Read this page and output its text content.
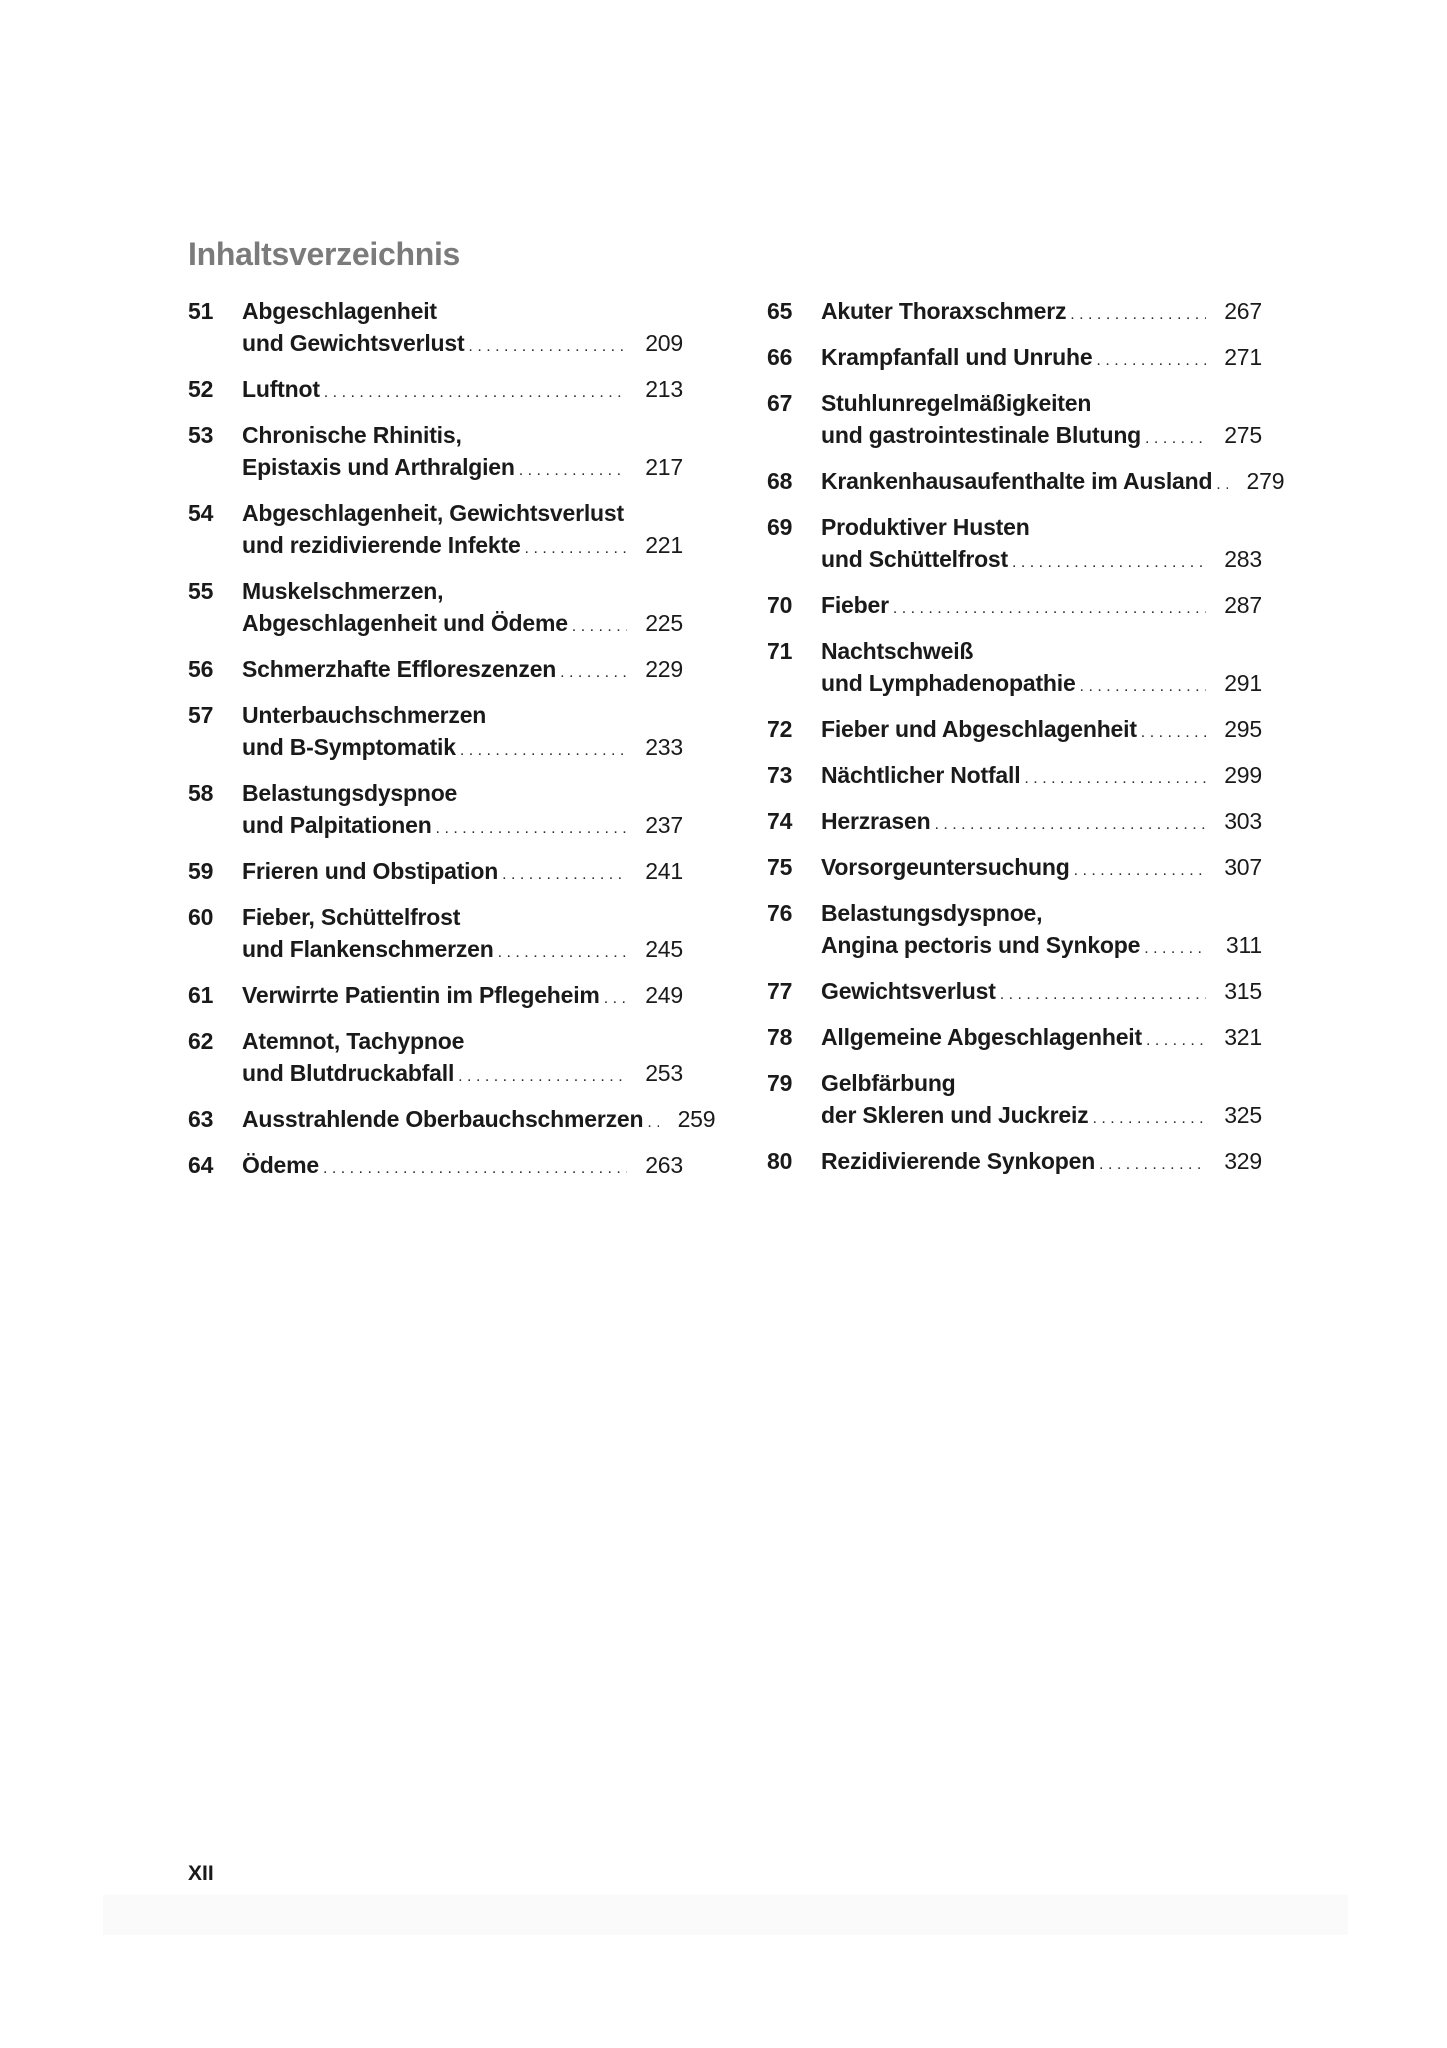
Inhaltsverzeichnis
51	Abgeschlagenheit
und Gewichtsverlust . . .	209
52	Luftnot . . .	213
53	Chronische Rhinitis,
Epistaxis und Arthralgien . . .	217
54	Abgeschlagenheit, Gewichtsverlust
und rezidivierende Infekte . . .	221
55	Muskelschmerzen,
Abgeschlagenheit und Ödeme . . .	225
56	Schmerzhafte Effloreszenzen . . .	229
57	Unterbauchschmerzen
und B-Symptomatik . . .	233
58	Belastungsdyspnoe
und Palpitationen . . .	237
59	Frieren und Obstipation . . .	241
60	Fieber, Schüttelfrost
und Flankenschmerzen . . .	245
61	Verwirrte Patientin im Pflegeheim . . .	249
62	Atemnot, Tachypnoe
und Blutdruckabfall . . .	253
63	Ausstrahlende Oberbauchschmerzen . . .	259
64	Ödeme . . .	263
65	Akuter Thoraxschmerz . . .	267
66	Krampfanfall und Unruhe . . .	271
67	Stuhlunregelmäßigkeiten
und gastrointestinale Blutung . . .	275
68	Krankenhausaufenthalte im Ausland . . .	279
69	Produktiver Husten
und Schüttelfrost . . .	283
70	Fieber . . .	287
71	Nachtschweiß
und Lymphadenopathie . . .	291
72	Fieber und Abgeschlagenheit . . .	295
73	Nächtlicher Notfall . . .	299
74	Herzrasen . . .	303
75	Vorsorgeuntersuchung . . .	307
76	Belastungsdyspnoe,
Angina pectoris und Synkope . . .	311
77	Gewichtsverlust . . .	315
78	Allgemeine Abgeschlagenheit . . .	321
79	Gelbfärbung
der Skleren und Juckreiz . . .	325
80	Rezidivierende Synkopen . . .	329
XII
